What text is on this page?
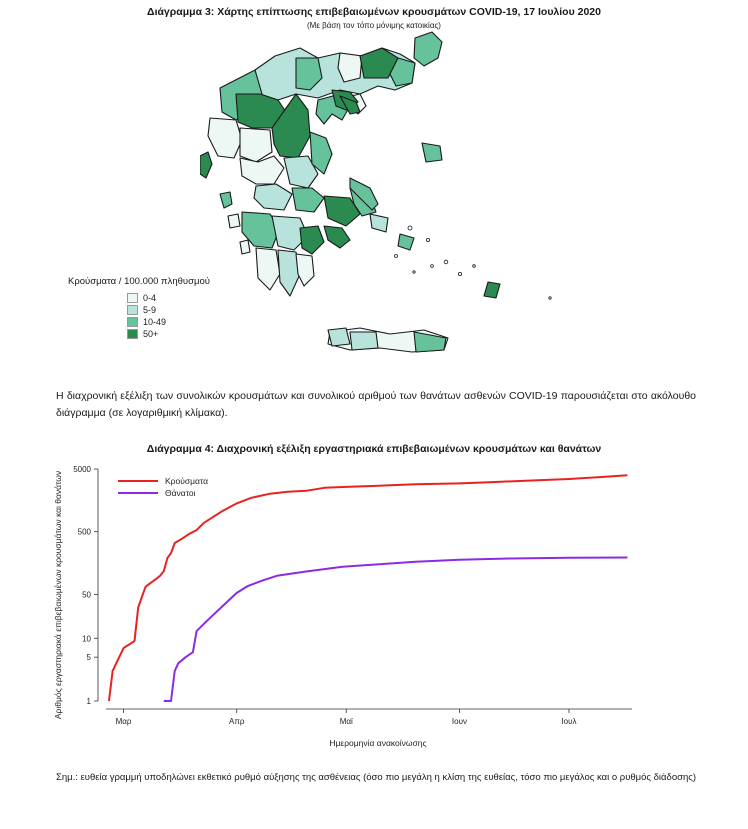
Διάγραμμα 3: Χάρτης επίπτωσης επιβεβαιωμένων κρουσμάτων COVID-19, 17 Ιουλίου 2020
(Με βάση τον τόπο μόνιμης κατοικίας)
Κρούσματα / 100.000 πληθυσμού
0-4
5-9
10-49
50+
Η διαχρονική εξέλιξη των συνολικών κρουσμάτων και συνολικού αριθμού των θανάτων ασθενών COVID-19 παρουσιάζεται στο ακόλουθο διάγραμμα (σε λογαριθμική κλίμακα).
Διάγραμμα 4: Διαχρονική εξέλιξη εργαστηριακά επιβεβαιωμένων κρουσμάτων και θανάτων
1
5
10
50
500
5000
Μαρ	Απρ	Μαϊ	Ιουν	Ιουλ
Ημερομηνία ανακοίνωσης
Αριθμός εργαστηριακά επιβεβαιωμένων κρουσμάτων και θανάτων	Κρούσματα
Θάνατοι
Σημ.: ευθεία γραμμή υποδηλώνει εκθετικό ρυθμό αύξησης της ασθένειας (όσο πιο μεγάλη η κλίση της ευθείας, τόσο πιο μεγάλος και ο ρυθμός διάδοσης)
